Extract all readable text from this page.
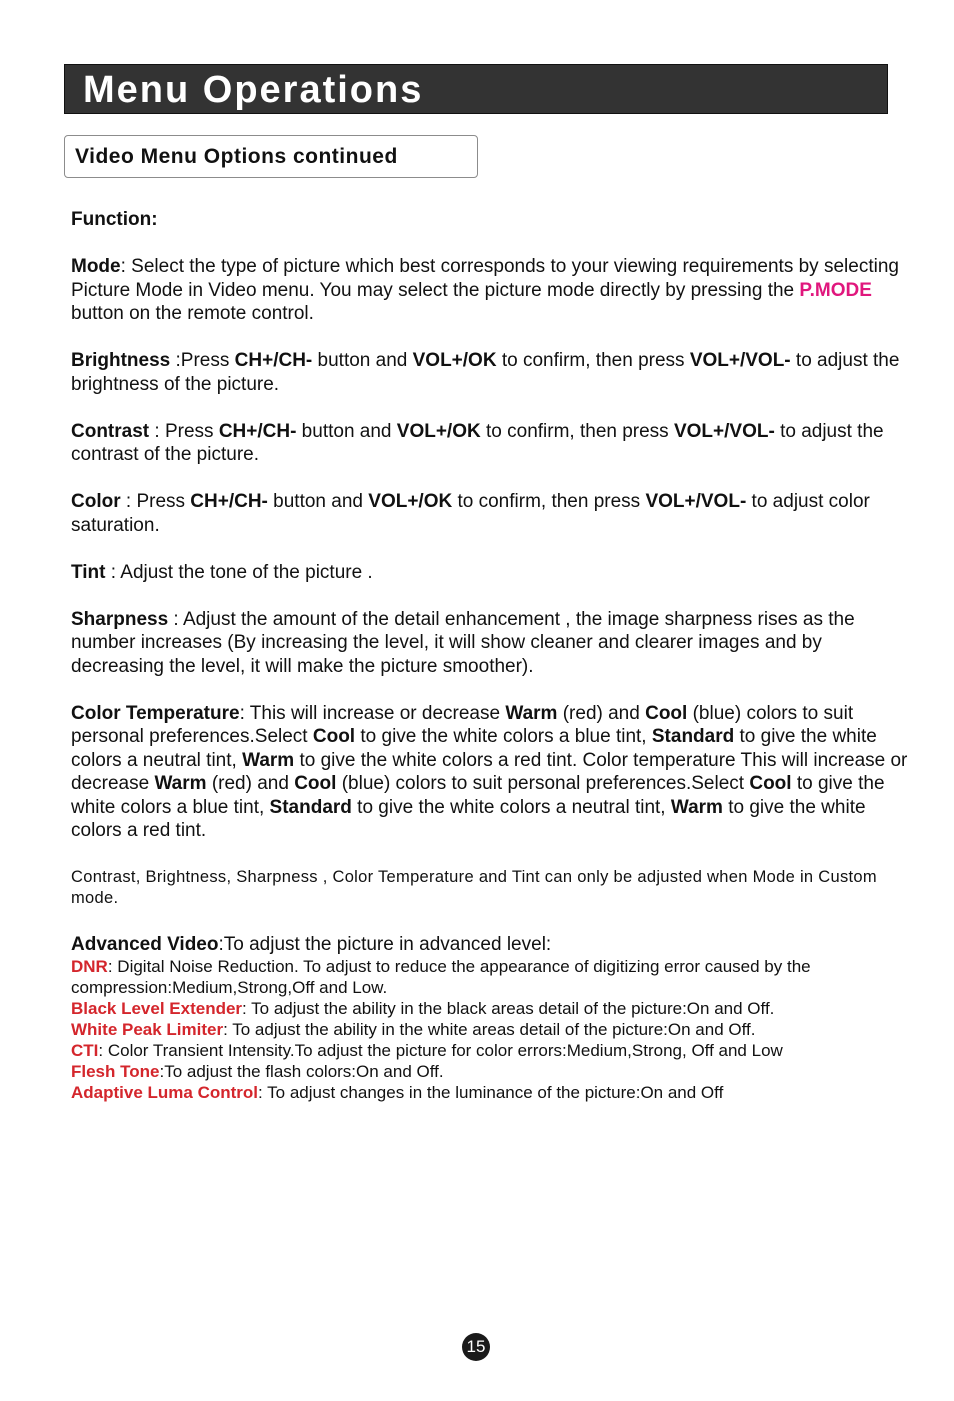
Menu Operations
Video Menu Options continued

Function:

Mode: Select the type of picture which best corresponds to your viewing requirements by selecting Picture Mode in Video menu. You may select the picture mode directly by pressing the P.MODE button on the remote control.

Brightness :Press CH+/CH- button and VOL+/OK to confirm, then press VOL+/VOL- to adjust the brightness of the picture.

Contrast : Press CH+/CH- button and VOL+/OK to confirm, then press VOL+/VOL- to adjust the contrast of the picture.

Color : Press CH+/CH- button and VOL+/OK to confirm, then press VOL+/VOL- to adjust color saturation.

Tint : Adjust the tone of the picture .

Sharpness : Adjust the amount of the detail enhancement , the image sharpness rises as the number increases (By increasing the level, it will show cleaner and clearer images and by decreasing the level, it will make the picture smoother).

Color Temperature: This will increase or decrease Warm (red) and Cool (blue) colors to suit personal preferences.Select Cool to give the white colors a blue tint, Standard to give the white colors a neutral tint, Warm to give the white colors a red tint. Color temperature This will increase or decrease Warm (red) and Cool (blue) colors to suit personal preferences.Select Cool to give the white colors a blue tint, Standard to give the white colors a neutral tint, Warm to give the white colors a red tint.

Contrast, Brightness, Sharpness , Color Temperature and Tint can only be adjusted when Mode in Custom mode.

Advanced Video:To adjust the picture in advanced level:

DNR: Digital Noise Reduction. To adjust to reduce the appearance of digitizing error caused by the compression:Medium,Strong,Off and Low.

Black Level Extender: To adjust the ability in the black areas detail of the picture:On and Off.

White Peak Limiter: To adjust the ability in the white areas detail of the picture:On and Off.

CTI: Color Transient Intensity.To adjust the picture for color errors:Medium,Strong, Off and Low

Flesh Tone:To adjust the flash colors:On and Off.

Adaptive Luma Control: To adjust changes in the luminance of the picture:On and Off

15
